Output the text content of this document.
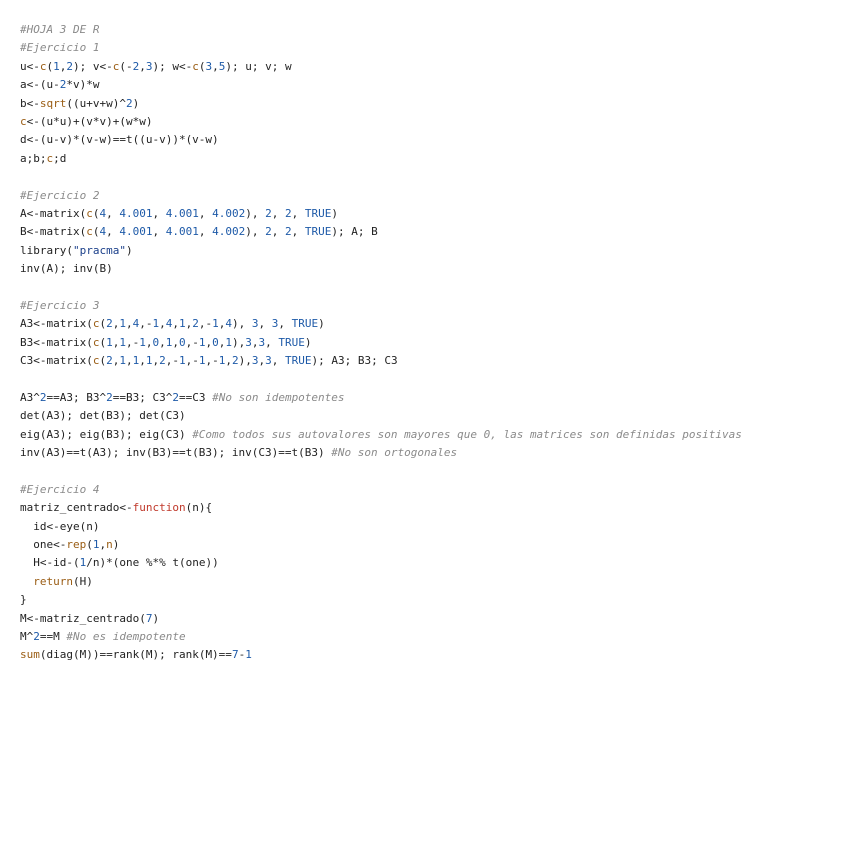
#HOJA 3 DE R
#Ejercicio 1
u<-c(1,2); v<-c(-2,3); w<-c(3,5); u; v; w
a<-(u-2*v)*w
b<-sqrt((u+v+w)^2)
c<-(u*u)+(v*v)+(w*w)
d<-(u-v)*(v-w)==t((u-v))*(v-w)
a;b;c;d
#Ejercicio 2
A<-matrix(c(4, 4.001, 4.001, 4.002), 2, 2, TRUE)
B<-matrix(c(4, 4.001, 4.001, 4.002), 2, 2, TRUE); A; B
library("pracma")
inv(A); inv(B)
#Ejercicio 3
A3<-matrix(c(2,1,4,-1,4,1,2,-1,4), 3, 3, TRUE)
B3<-matrix(c(1,1,-1,0,1,0,-1,0,1),3,3, TRUE)
C3<-matrix(c(2,1,1,1,2,-1,-1,-1,2),3,3, TRUE); A3; B3; C3
A3^2==A3; B3^2==B3; C3^2==C3 #No son idempotentes
det(A3); det(B3); det(C3)
eig(A3); eig(B3); eig(C3) #Como todos sus autovalores son mayores que 0, las matrices son definidas positivas
inv(A3)==t(A3); inv(B3)==t(B3); inv(C3)==t(B3) #No son ortogonales
#Ejercicio 4
matriz_centrado<-function(n){
id<-eye(n)
one<-rep(1,n)
H<-id-(1/n)*(one %*% t(one))
return(H)
}
M<-matriz_centrado(7)
M^2==M #No es idempotente
sum(diag(M))==rank(M); rank(M)==7-1
